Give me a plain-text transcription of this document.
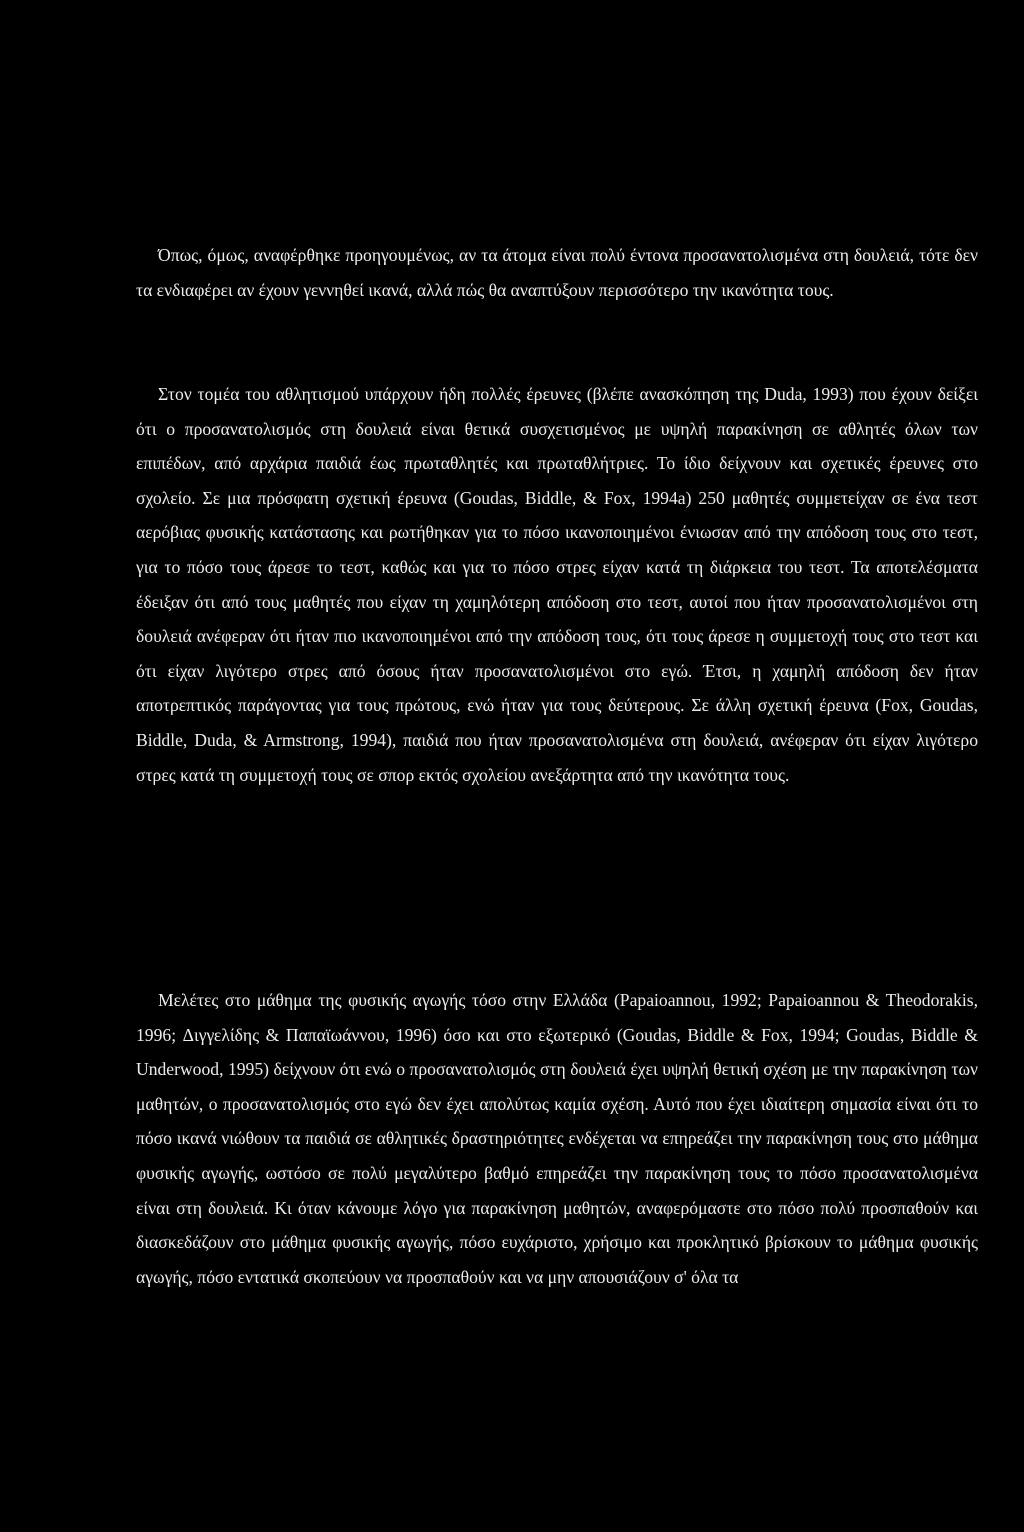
Όπως, όμως, αναφέρθηκε προηγουμένως, αν τα άτομα είναι πολύ έντονα προσανατολισμένα στη δουλειά, τότε δεν τα ενδιαφέρει αν έχουν γεννηθεί ικανά, αλλά πώς θα αναπτύξουν περισσότερο την ικανότητα τους.

Στον τομέα του αθλητισμού υπάρχουν ήδη πολλές έρευνες (βλέπε ανασκόπηση της Duda, 1993) που έχουν δείξει ότι ο προσανατολισμός στη δουλειά είναι θετικά συσχετισμένος με υψηλή παρακίνηση σε αθλητές όλων των επιπέδων, από αρχάρια παιδιά έως πρωταθλητές και πρωταθλήτριες. Το ίδιο δείχνουν και σχετικές έρευνες στο σχολείο. Σε μια πρόσφατη σχετική έρευνα (Goudas, Biddle, & Fox, 1994a) 250 μαθητές συμμετείχαν σε ένα τεστ αερόβιας φυσικής κατάστασης και ρωτήθηκαν για το πόσο ικανοποιημένοι ένιωσαν από την απόδοση τους στο τεστ, για το πόσο τους άρεσε το τεστ, καθώς και για το πόσο στρες είχαν κατά τη διάρκεια του τεστ. Τα αποτελέσματα έδειξαν ότι από τους μαθητές που είχαν τη χαμηλότερη απόδοση στο τεστ, αυτοί που ήταν προσανατολισμένοι στη δουλειά ανέφεραν ότι ήταν πιο ικανοποιημένοι από την απόδοση τους, ότι τους άρεσε η συμμετοχή τους στο τεστ και ότι είχαν λιγότερο στρες από όσους ήταν προσανατολισμένοι στο εγώ. Έτσι, η χαμηλή απόδοση δεν ήταν αποτρεπτικός παράγοντας για τους πρώτους, ενώ ήταν για τους δεύτερους. Σε άλλη σχετική έρευνα (Fox, Goudas, Biddle, Duda, & Armstrong, 1994), παιδιά που ήταν προσανατολισμένα στη δουλειά, ανέφεραν ότι είχαν λιγότερο στρες κατά τη συμμετοχή τους σε σπορ εκτός σχολείου ανεξάρτητα από την ικανότητα τους.

Μελέτες στο μάθημα της φυσικής αγωγής τόσο στην Ελλάδα (Papaioannou, 1992; Papaioannou & Theodorakis, 1996; Διγγελίδης & Παπαϊωάννου, 1996) όσο και στο εξωτερικό (Goudas, Biddle & Fox, 1994; Goudas, Biddle & Underwood, 1995) δείχνουν ότι ενώ ο προσανατολισμός στη δουλειά έχει υψηλή θετική σχέση με την παρακίνηση των μαθητών, ο προσανατολισμός στο εγώ δεν έχει απολύτως καμία σχέση. Αυτό που έχει ιδιαίτερη σημασία είναι ότι το πόσο ικανά νιώθουν τα παιδιά σε αθλητικές δραστηριότητες ενδέχεται να επηρεάζει την παρακίνηση τους στο μάθημα φυσικής αγωγής, ωστόσο σε πολύ μεγαλύτερο βαθμό επηρεάζει την παρακίνηση τους το πόσο προσανατολισμένα είναι στη δουλειά. Κι όταν κάνουμε λόγο για παρακίνηση μαθητών, αναφερόμαστε στο πόσο πολύ προσπαθούν και διασκεδάζουν στο μάθημα φυσικής αγωγής, πόσο ευχάριστο, χρήσιμο και προκλητικό βρίσκουν το μάθημα φυσικής αγωγής, πόσο εντατικά σκοπεύουν να προσπαθούν και να μην απουσιάζουν σ' όλα τα
